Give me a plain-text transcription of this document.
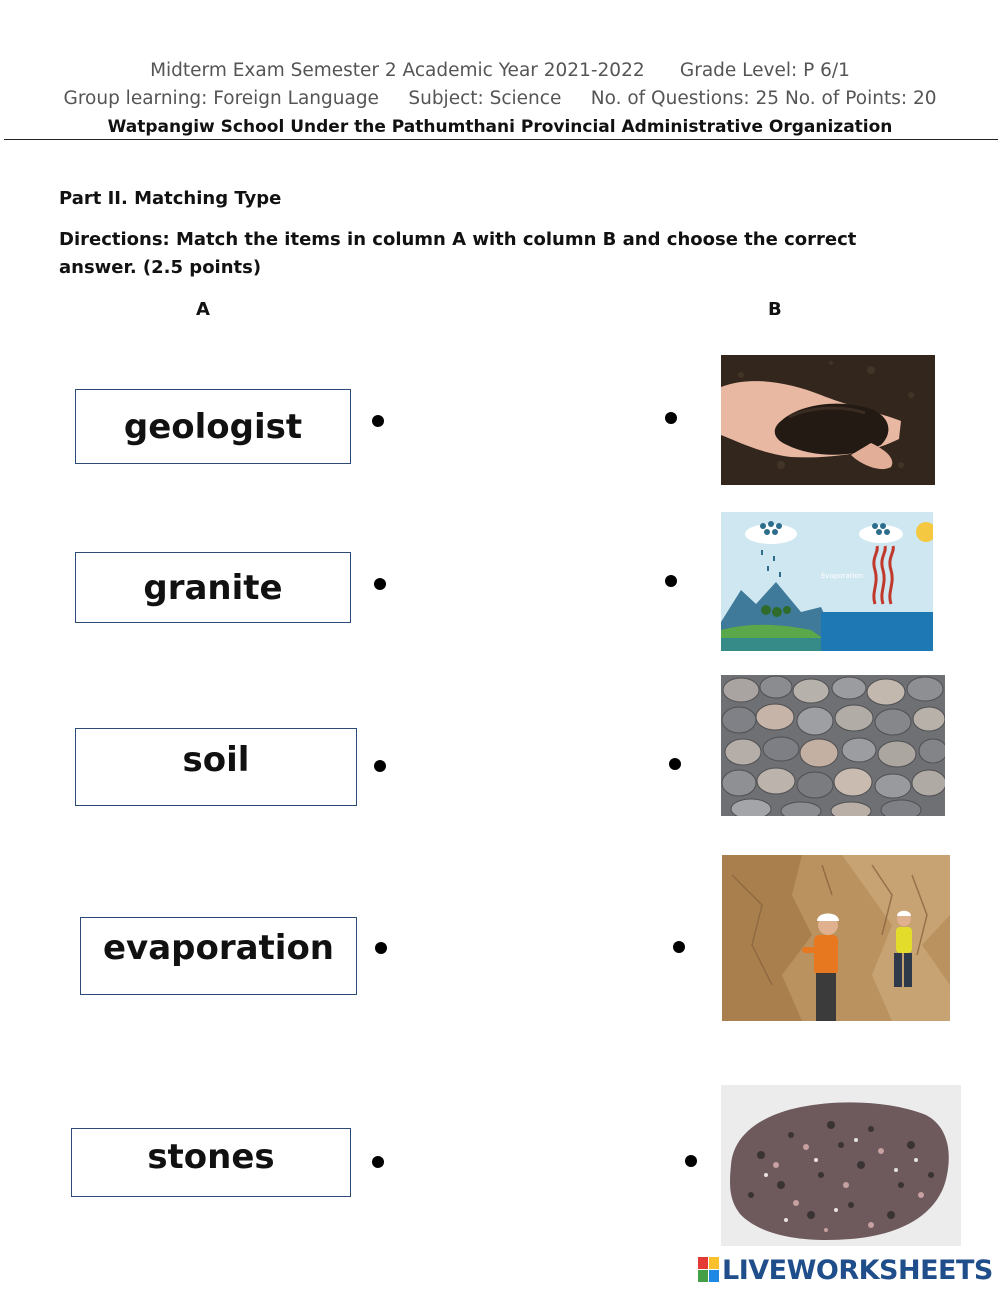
Midterm Exam Semester 2 Academic Year 2021-2022      Grade Level: P 6/1
Group learning: Foreign Language     Subject: Science     No. of Questions: 25 No. of Points: 20
Watpangiw School Under the Pathumthani Provincial Administrative Organization
Part II. Matching Type
Directions: Match the items in column A with column B and choose the correct
answer. (2.5 points)
A	B
geologist
granite
soil
evaporation
stones
Evaporation
LIVEWORKSHEETS
